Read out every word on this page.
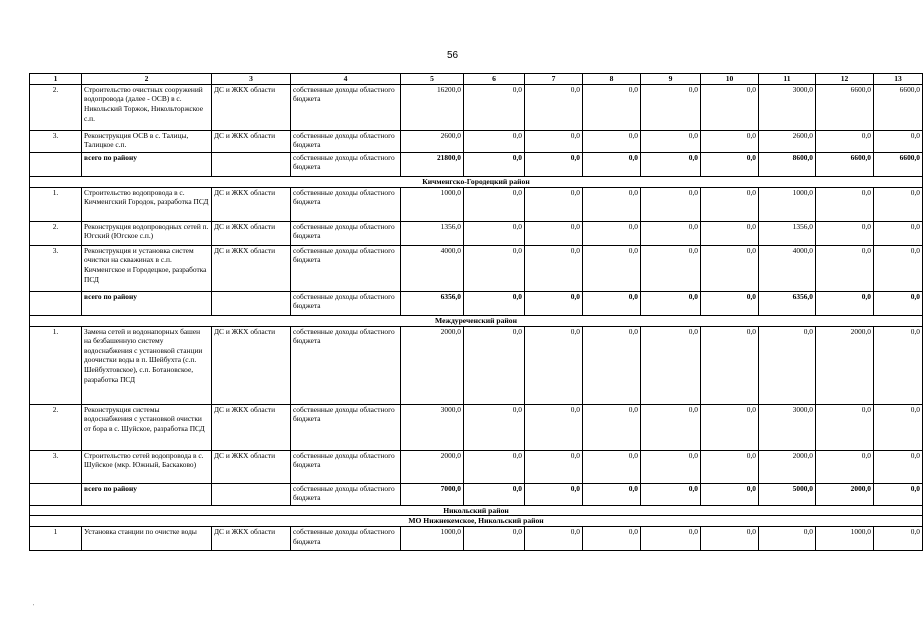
56
1	2	3	4	5	6	7	8	9	10	11	12	13
2.	Строительство очистных сооружений водопровода (далее - ОСВ) в с. Никольский Торжок, Никольторжское с.п.	ДС и ЖКХ области	собственные доходы областного бюджета	16200,0	0,0	0,0	0,0	0,0	0,0	3000,0	6600,0	6600,0
3.	Реконструкция ОСВ в с. Талицы, Талицкое с.п.	ДС и ЖКХ области	собственные доходы областного бюджета	2600,0	0,0	0,0	0,0	0,0	0,0	2600,0	0,0	0,0
	всего по району		собственные доходы областного бюджета	21800,0	0,0	0,0	0,0	0,0	0,0	8600,0	6600,0	6600,0
Кичменгско-Городецкий район												
1.	Строительство водопровода в с. Кичменгский Городок, разработка ПСД	ДС и ЖКХ области	собственные доходы областного бюджета	1000,0	0,0	0,0	0,0	0,0	0,0	1000,0	0,0	0,0
2.	Реконструкция водопроводных сетей п. Югский (Югское с.п.)	ДС и ЖКХ области	собственные доходы областного бюджета	1356,0	0,0	0,0	0,0	0,0	0,0	1356,0	0,0	0,0
3.	Реконструкция и установка систем очистки на скважинах в с.п. Кичменгское и Городецкое, разработка ПСД	ДС и ЖКХ области	собственные доходы областного бюджета	4000,0	0,0	0,0	0,0	0,0	0,0	4000,0	0,0	0,0
	всего по району		собственные доходы областного бюджета	6356,0	0,0	0,0	0,0	0,0	0,0	6356,0	0,0	0,0
Междуреченский район												
1.	Замена сетей и водонапорных башен на безбашенную систему водоснабжения с установкой станции доочистки воды в п. Шейбухта (с.п. Шейбухтовское), с.п. Ботановское, разработка ПСД	ДС и ЖКХ области	собственные доходы областного бюджета	2000,0	0,0	0,0	0,0	0,0	0,0	0,0	2000,0	0,0
2.	Реконструкция системы водоснабжения с установкой очистки от бора в с. Шуйское, разработка ПСД	ДС и ЖКХ области	собственные доходы областного бюджета	3000,0	0,0	0,0	0,0	0,0	0,0	3000,0	0,0	0,0
3.	Строительство сетей водопровода в с. Шуйское (мкр. Южный, Баскаково)	ДС и ЖКХ области	собственные доходы областного бюджета	2000,0	0,0	0,0	0,0	0,0	0,0	2000,0	0,0	0,0
	всего по району		собственные доходы областного бюджета	7000,0	0,0	0,0	0,0	0,0	0,0	5000,0	2000,0	0,0
Никольский район												
МО Нижнекемское, Никольский район												
1	Установка станции по очистке воды	ДС и ЖКХ области	собственные доходы областного бюджета	1000,0	0,0	0,0	0,0	0,0	0,0	0,0	1000,0	0,0
'
